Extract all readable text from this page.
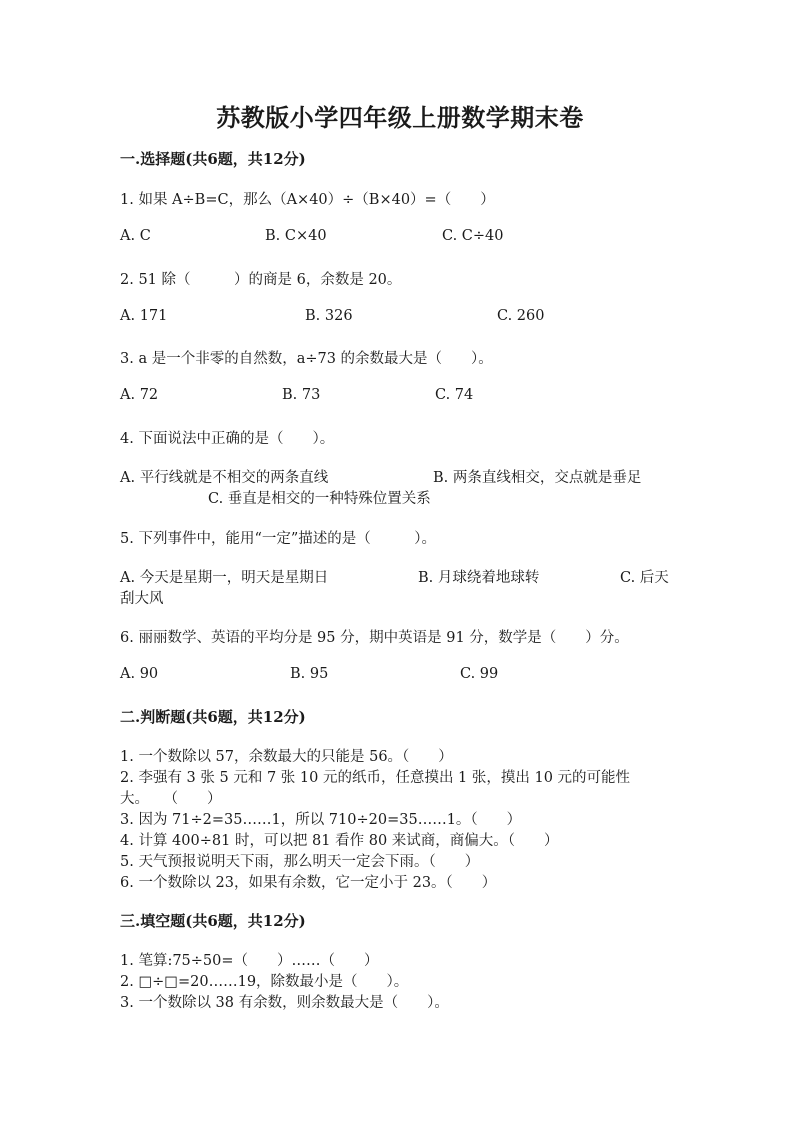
苏教版小学四年级上册数学期末卷
一.选择题(共6题，共12分)
1. 如果 A÷B=C，那么（A×40）÷（B×40）=（　　）
A. C	B. C×40	C. C÷40
2. 51 除（　　　）的商是 6，余数是 20。
A. 171	B. 326	C. 260
3. a 是一个非零的自然数，a÷73 的余数最大是（　　）。
A. 72	B. 73	C. 74
4. 下面说法中正确的是（　　）。
A. 平行线就是不相交的两条直线	B. 两条直线相交，交点就是垂足
C. 垂直是相交的一种特殊位置关系
5. 下列事件中，能用“一定”描述的是（　　　）。
A. 今天是星期一，明天是星期日	B. 月球绕着地球转	C. 后天
刮大风
6. 丽丽数学、英语的平均分是 95 分，期中英语是 91 分，数学是（　　）分。
A. 90	B. 95	C. 99
二.判断题(共6题，共12分)
1. 一个数除以 57，余数最大的只能是 56。（　　）
2. 李强有 3 张 5 元和 7 张 10 元的纸币，任意摸出 1 张，摸出 10 元的可能性
大。　　（　　）
3. 因为 71÷2=35……1，所以 710÷20=35……1。（　　）
4. 计算 400÷81 时，可以把 81 看作 80 来试商，商偏大。（　　）
5. 天气预报说明天下雨，那么明天一定会下雨。（　　）
6. 一个数除以 23，如果有余数，它一定小于 23。（　　）
三.填空题(共6题，共12分)
1. 笔算:75÷50=（　　）……（　　）
2. □÷□=20……19，除数最小是（　　）。
3. 一个数除以 38 有余数，则余数最大是（　　）。
